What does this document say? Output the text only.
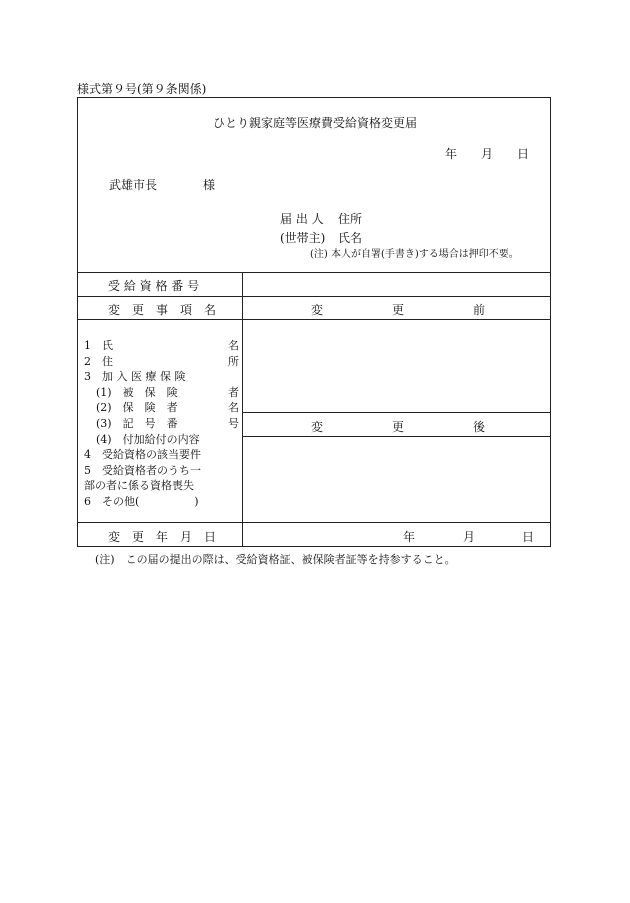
様式第９号(第９条関係)
ひとり親家庭等医療費受給資格変更届
年 月 日
武雄市長	様
届 出 人 住所
(世帯主) 氏名
(注) 本人が自署(手書き)する場合は押印不要。
受 給 資 格 番 号
変　更　事　項　名	変	更	前
変	更	後
1　氏	名
2　住	所
3　加 入 医 療 保 険
(1)　被　保　険	者
(2)　保　険　者	名
(3)　記　号　番	号
(4)　付加給付の内容
4　受給資格の該当要件
5　受給資格者のうち一
部の者に係る資格喪失
6　その他(　　　　　)
変　更　年　月　日	年	月	日
(注)　この届の提出の際は、受給資格証、被保険者証等を持参すること。
